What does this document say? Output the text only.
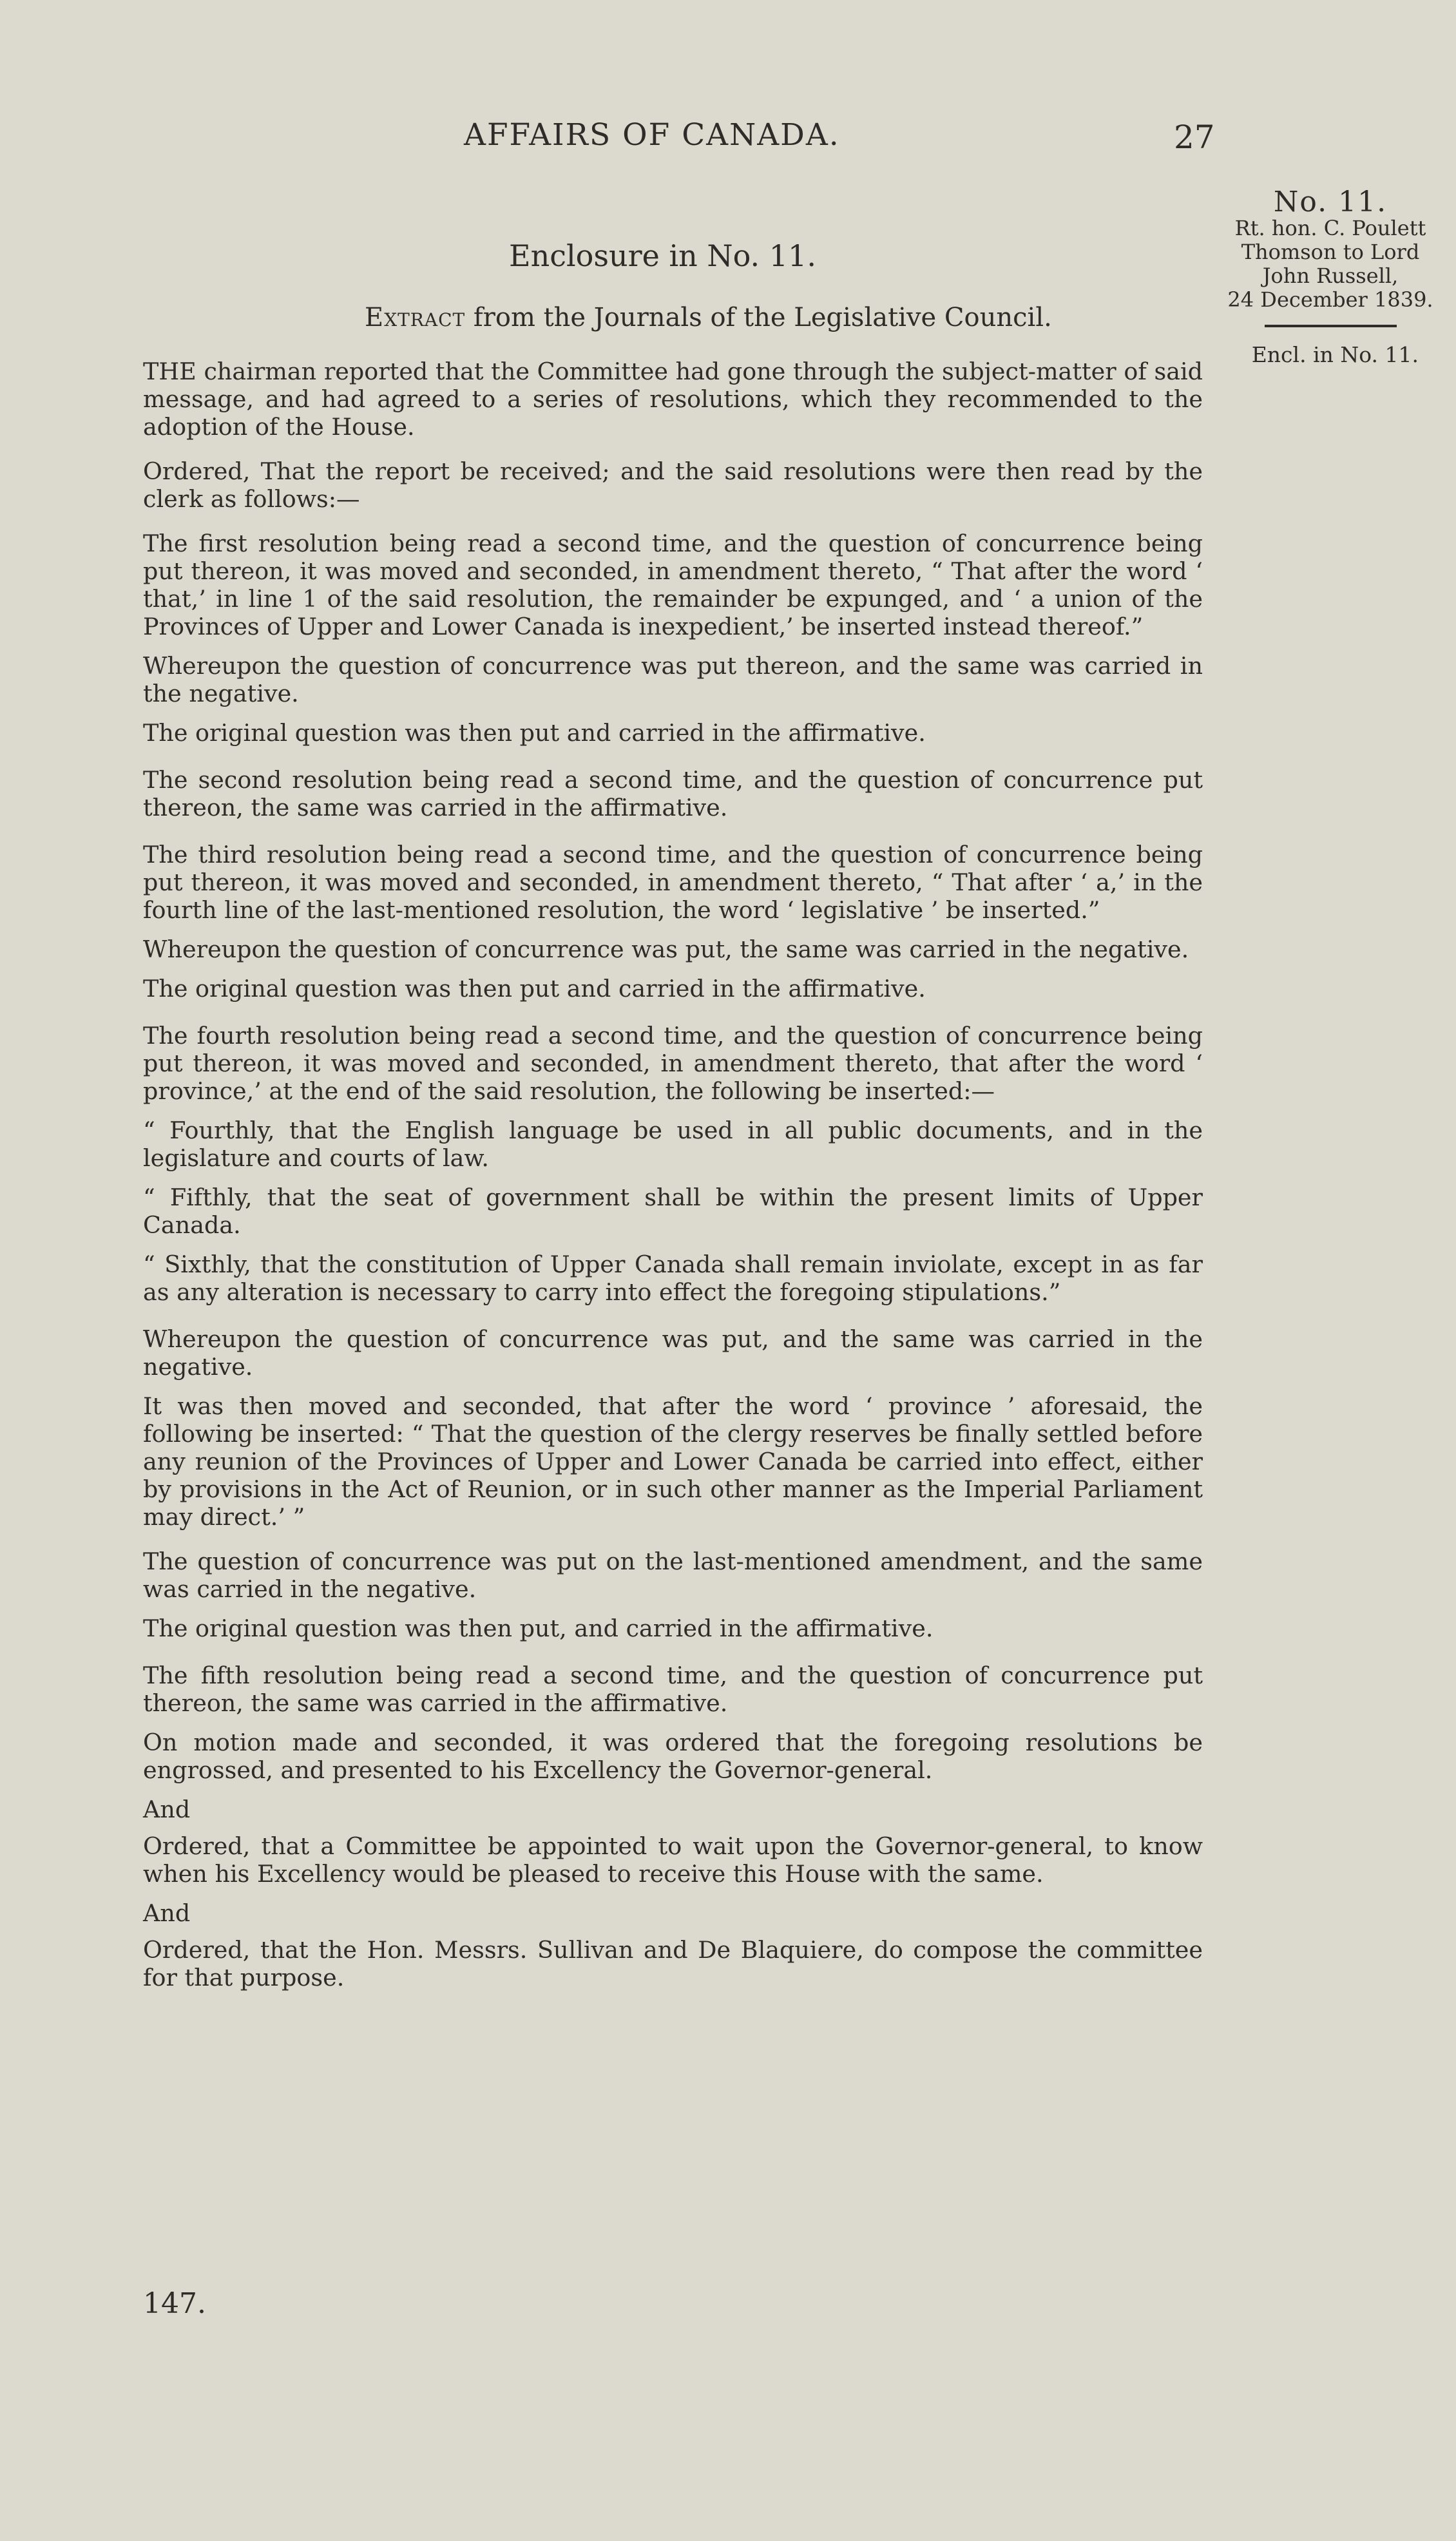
AFFAIRS OF CANADA.	27
Enclosure in No. 11.
Extract from the Journals of the Legislative Council.
No. 11.
Rt. hon. C. Poulett
Thomson to Lord
John Russell,
24 December 1839.
Encl. in No. 11.

THE chairman reported that the Committee had gone through the subject-matter of said message, and had agreed to a series of resolutions, which they recommended to the adoption of the House.

Ordered, That the report be received; and the said resolutions were then read by the clerk as follows:—

The first resolution being read a second time, and the question of concurrence being put thereon, it was moved and seconded, in amendment thereto, “ That after the word ‘ that,’ in line 1 of the said resolution, the remainder be expunged, and ‘ a union of the Provinces of Upper and Lower Canada is inexpedient,’ be inserted instead thereof.”

Whereupon the question of concurrence was put thereon, and the same was carried in the negative.

The original question was then put and carried in the affirmative.

The second resolution being read a second time, and the question of concurrence put thereon, the same was carried in the affirmative.

The third resolution being read a second time, and the question of concurrence being put thereon, it was moved and seconded, in amendment thereto, “ That after ‘ a,’ in the fourth line of the last-mentioned resolution, the word ‘ legislative ’ be inserted.”

Whereupon the question of concurrence was put, the same was carried in the negative.

The original question was then put and carried in the affirmative.

The fourth resolution being read a second time, and the question of concurrence being put thereon, it was moved and seconded, in amendment thereto, that after the word ‘ province,’ at the end of the said resolution, the following be inserted:—

“ Fourthly, that the English language be used in all public documents, and in the legislature and courts of law.

“ Fifthly, that the seat of government shall be within the present limits of Upper Canada.

“ Sixthly, that the constitution of Upper Canada shall remain inviolate, except in as far as any alteration is necessary to carry into effect the foregoing stipulations.”

Whereupon the question of concurrence was put, and the same was carried in the negative.

It was then moved and seconded, that after the word ‘ province ’ aforesaid, the following be inserted: “ That the question of the clergy reserves be finally settled before any reunion of the Provinces of Upper and Lower Canada be carried into effect, either by provisions in the Act of Reunion, or in such other manner as the Imperial Parliament may direct.’ ”

The question of concurrence was put on the last-mentioned amendment, and the same was carried in the negative.

The original question was then put, and carried in the affirmative.

The fifth resolution being read a second time, and the question of concurrence put thereon, the same was carried in the affirmative.

On motion made and seconded, it was ordered that the foregoing resolutions be engrossed, and presented to his Excellency the Governor-general.

And

Ordered, that a Committee be appointed to wait upon the Governor-general, to know when his Excellency would be pleased to receive this House with the same.

And

Ordered, that the Hon. Messrs. Sullivan and De Blaquiere, do compose the committee for that purpose.

147.
